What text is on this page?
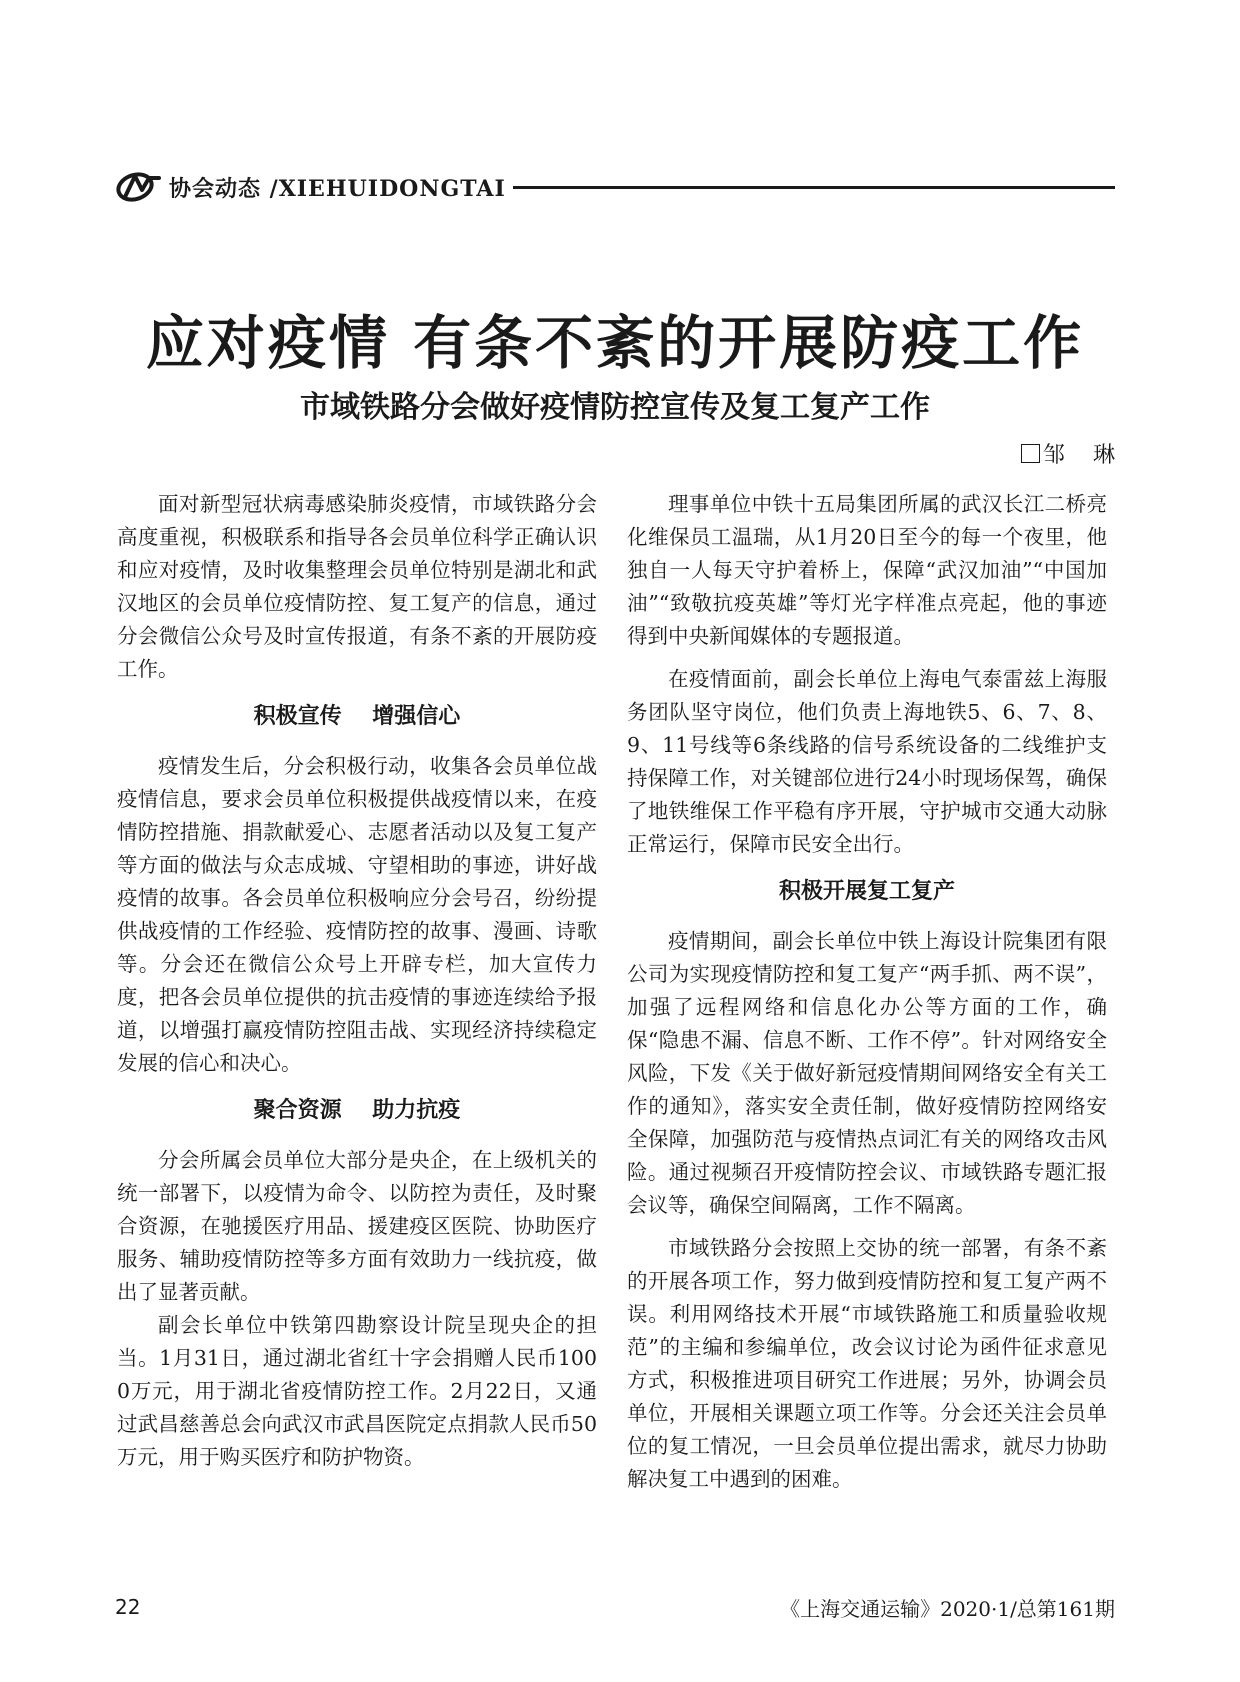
协会动态 /XIEHUIDONGTAI
应对疫情 有条不紊的开展防疫工作
市域铁路分会做好疫情防控宣传及复工复产工作
邹    琳

面对新型冠状病毒感染肺炎疫情，市域铁路分会高度重视，积极联系和指导各会员单位科学正确认识和应对疫情，及时收集整理会员单位特别是湖北和武汉地区的会员单位疫情防控、复工复产的信息，通过分会微信公众号及时宣传报道，有条不紊的开展防疫工作。

积极宣传    增强信心

疫情发生后，分会积极行动，收集各会员单位战疫情信息，要求会员单位积极提供战疫情以来，在疫情防控措施、捐款献爱心、志愿者活动以及复工复产等方面的做法与众志成城、守望相助的事迹，讲好战疫情的故事。各会员单位积极响应分会号召，纷纷提供战疫情的工作经验、疫情防控的故事、漫画、诗歌等。分会还在微信公众号上开辟专栏，加大宣传力度，把各会员单位提供的抗击疫情的事迹连续给予报道，以增强打赢疫情防控阻击战、实现经济持续稳定发展的信心和决心。

聚合资源    助力抗疫

分会所属会员单位大部分是央企，在上级机关的统一部署下，以疫情为命令、以防控为责任，及时聚合资源，在驰援医疗用品、援建疫区医院、协助医疗服务、辅助疫情防控等多方面有效助力一线抗疫，做出了显著贡献。

副会长单位中铁第四勘察设计院呈现央企的担当。1月31日，通过湖北省红十字会捐赠人民币1000万元，用于湖北省疫情防控工作。2月22日，又通过武昌慈善总会向武汉市武昌医院定点捐款人民币50万元，用于购买医疗和防护物资。

理事单位中铁十五局集团所属的武汉长江二桥亮化维保员工温瑞，从1月20日至今的每一个夜里，他独自一人每天守护着桥上，保障“武汉加油”“中国加油”“致敬抗疫英雄”等灯光字样准点亮起，他的事迹得到中央新闻媒体的专题报道。

在疫情面前，副会长单位上海电气泰雷兹上海服务团队坚守岗位，他们负责上海地铁5、6、7、8、9、11号线等6条线路的信号系统设备的二线维护支持保障工作，对关键部位进行24小时现场保驾，确保了地铁维保工作平稳有序开展，守护城市交通大动脉正常运行，保障市民安全出行。

积极开展复工复产

疫情期间，副会长单位中铁上海设计院集团有限公司为实现疫情防控和复工复产“两手抓、两不误”，加强了远程网络和信息化办公等方面的工作，确保“隐患不漏、信息不断、工作不停”。针对网络安全风险，下发《关于做好新冠疫情期间网络安全有关工作的通知》，落实安全责任制，做好疫情防控网络安全保障，加强防范与疫情热点词汇有关的网络攻击风险。通过视频召开疫情防控会议、市域铁路专题汇报会议等，确保空间隔离，工作不隔离。

市域铁路分会按照上交协的统一部署，有条不紊的开展各项工作，努力做到疫情防控和复工复产两不误。利用网络技术开展“市域铁路施工和质量验收规范”的主编和参编单位，改会议讨论为函件征求意见方式，积极推进项目研究工作进展；另外，协调会员单位，开展相关课题立项工作等。分会还关注会员单位的复工情况，一旦会员单位提出需求，就尽力协助解决复工中遇到的困难。

22	《上海交通运输》2020·1/总第161期
